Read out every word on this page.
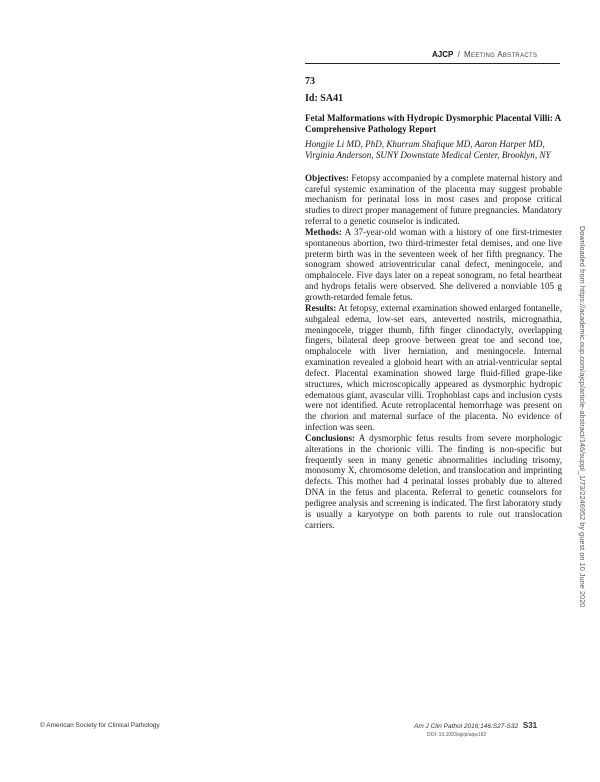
AJCP / Meeting Abstracts
73
Id: SA41
Fetal Malformations with Hydropic Dysmorphic Placental Villi: A Comprehensive Pathology Report
Hongjie Li MD, PhD, Khurram Shafique MD, Aaron Harper MD, Virginia Anderson, SUNY Downstate Medical Center, Brooklyn, NY

Objectives: Fetopsy accompanied by a complete maternal history and careful systemic examination of the placenta may suggest probable mechanism for perinatal loss in most cases and propose critical studies to direct proper management of future pregnancies. Mandatory referral to a genetic counselor is indicated.

Methods: A 37-year-old woman with a history of one first-trimester spontaneous abortion, two third-trimester fetal demises, and one live preterm birth was in the seventeen week of her fifth pregnancy. The sonogram showed atrioventricular canal defect, meningocele, and omphalocele. Five days later on a repeat sonogram, no fetal heartbeat and hydrops fetalis were observed. She delivered a nonviable 105 g growth-retarded female fetus.

Results: At fetopsy, external examination showed enlarged fontanelle, subgaleal edema, low-set ears, anteverted nostrils, micrognathia, meningocele, trigger thumb, fifth finger clinodactyly, overlapping fingers, bilateral deep groove between great toe and second toe, omphalocele with liver herniation, and meningocele. Internal examination revealed a globoid heart with an atrial-ventricular septal defect. Placental examination showed large fluid-filled grape-like structures, which microscopically appeared as dysmorphic hydropic edematous giant, avascular villi. Trophoblast caps and inclusion cysts were not identified. Acute retroplacental hemorrhage was present on the chorion and maternal surface of the placenta. No evidence of infection was seen.

Conclusions: A dysmorphic fetus results from severe morphologic alterations in the chorionic villi. The finding is non-specific but frequently seen in many genetic abnormalities including trisomy, monosomy X, chromosome deletion, and translocation and imprinting defects. This mother had 4 perinatal losses probably due to altered DNA in the fetus and placenta. Referral to genetic counselors for pedigree analysis and screening is indicated. The first laboratory study is usually a karyotype on both parents to rule out translocation carriers.	Downloaded from https://academic.oup.com/ajcp/article-abstract/146/suppl_1/73/2246952 by guest on 10 June 2020
© American Society for Clinical Pathology	Am J Clin Pathol 2016;146:S27-S32 S31
DOI: 10.1093/ajcp/aqw162
